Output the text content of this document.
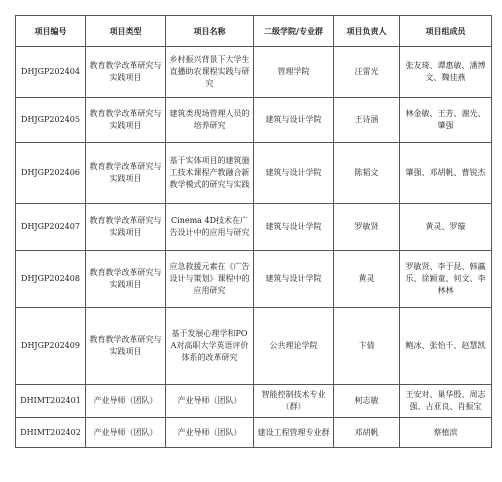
项目编号	项目类型	项目名称	二级学院/专业群	项目负责人	项目组成员
DHJGP202404	教育教学改革研究与实践项目	乡村振兴背景下大学生直播助农课程实践与研究	管理学院	汪雷光	张友琦、谭惠敏、潘博文、魏佳燕
DHJGP202405	教育教学改革研究与实践项目	建筑类现场管理人员的培养研究	建筑与设计学院	王诗涵	林金敏、王芳、谢光、肇强
DHJGP202406	教育教学改革研究与实践项目	基于实体项目的建筑施工技术课程产教融合新教学模式的研究与实践	建筑与设计学院	陈韬文	肇强、邓胡帆、曹锐杰
DHJGP202407	教育教学改革研究与实践项目	Cinema 4D技术在广告设计中的应用与研究	建筑与设计学院	罗敏贤	黄灵、罗璇
DHJGP202408	教育教学改革研究与实践项目	应急救援元素在《广告设计与策划》课程中的应用研究	建筑与设计学院	黄灵	罗敏贤、李于昆、韩瀛乐、徐颖童、何文、李林林
DHJGP202409	教育教学改革研究与实践项目	基于发展心理学和POA对高职大学英语评价体系的改革研究	公共理论学院	卞倩	鲍冰、张怡千、赵慧凯
DHIMT202401	产业导师（团队）	产业导师（团队）	智能控制技术专业（群）	柯志敏	王安对、巢华殷、周志强、占亚良、肖振宝
DHIMT202402	产业导师（团队）	产业导师（团队）	建设工程管理专业群	邓胡帆	蔡植滨
